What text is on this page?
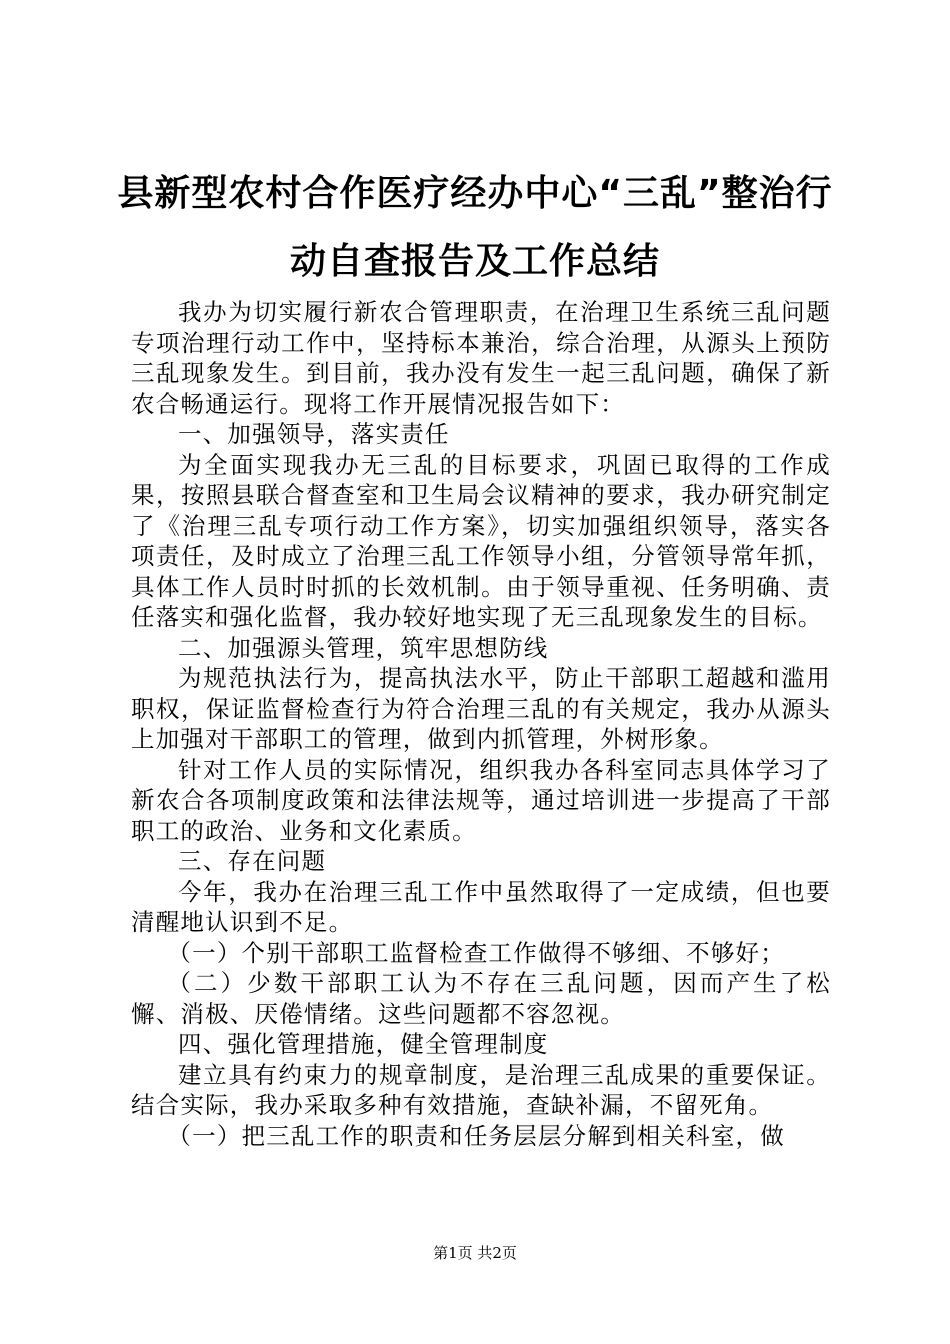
县新型农村合作医疗经办中心“三乱”整治行动自查报告及工作总结

我办为切实履行新农合管理职责，在治理卫生系统三乱问题专项治理行动工作中，坚持标本兼治，综合治理，从源头上预防三乱现象发生。到目前，我办没有发生一起三乱问题，确保了新农合畅通运行。现将工作开展情况报告如下：

一、加强领导，落实责任

为全面实现我办无三乱的目标要求，巩固已取得的工作成果，按照县联合督查室和卫生局会议精神的要求，我办研究制定了《治理三乱专项行动工作方案》，切实加强组织领导，落实各项责任，及时成立了治理三乱工作领导小组，分管领导常年抓，具体工作人员时时抓的长效机制。由于领导重视、任务明确、责任落实和强化监督，我办较好地实现了无三乱现象发生的目标。

二、加强源头管理，筑牢思想防线

为规范执法行为，提高执法水平，防止干部职工超越和滥用职权，保证监督检查行为符合治理三乱的有关规定，我办从源头上加强对干部职工的管理，做到内抓管理，外树形象。

针对工作人员的实际情况，组织我办各科室同志具体学习了新农合各项制度政策和法律法规等，通过培训进一步提高了干部职工的政治、业务和文化素质。

三、存在问题

今年，我办在治理三乱工作中虽然取得了一定成绩，但也要清醒地认识到不足。

（一）个别干部职工监督检查工作做得不够细、不够好；

（二）少数干部职工认为不存在三乱问题，因而产生了松懈、消极、厌倦情绪。这些问题都不容忽视。

四、强化管理措施，健全管理制度

建立具有约束力的规章制度，是治理三乱成果的重要保证。结合实际，我办采取多种有效措施，查缺补漏，不留死角。

（一）把三乱工作的职责和任务层层分解到相关科室，做

第1页 共2页
